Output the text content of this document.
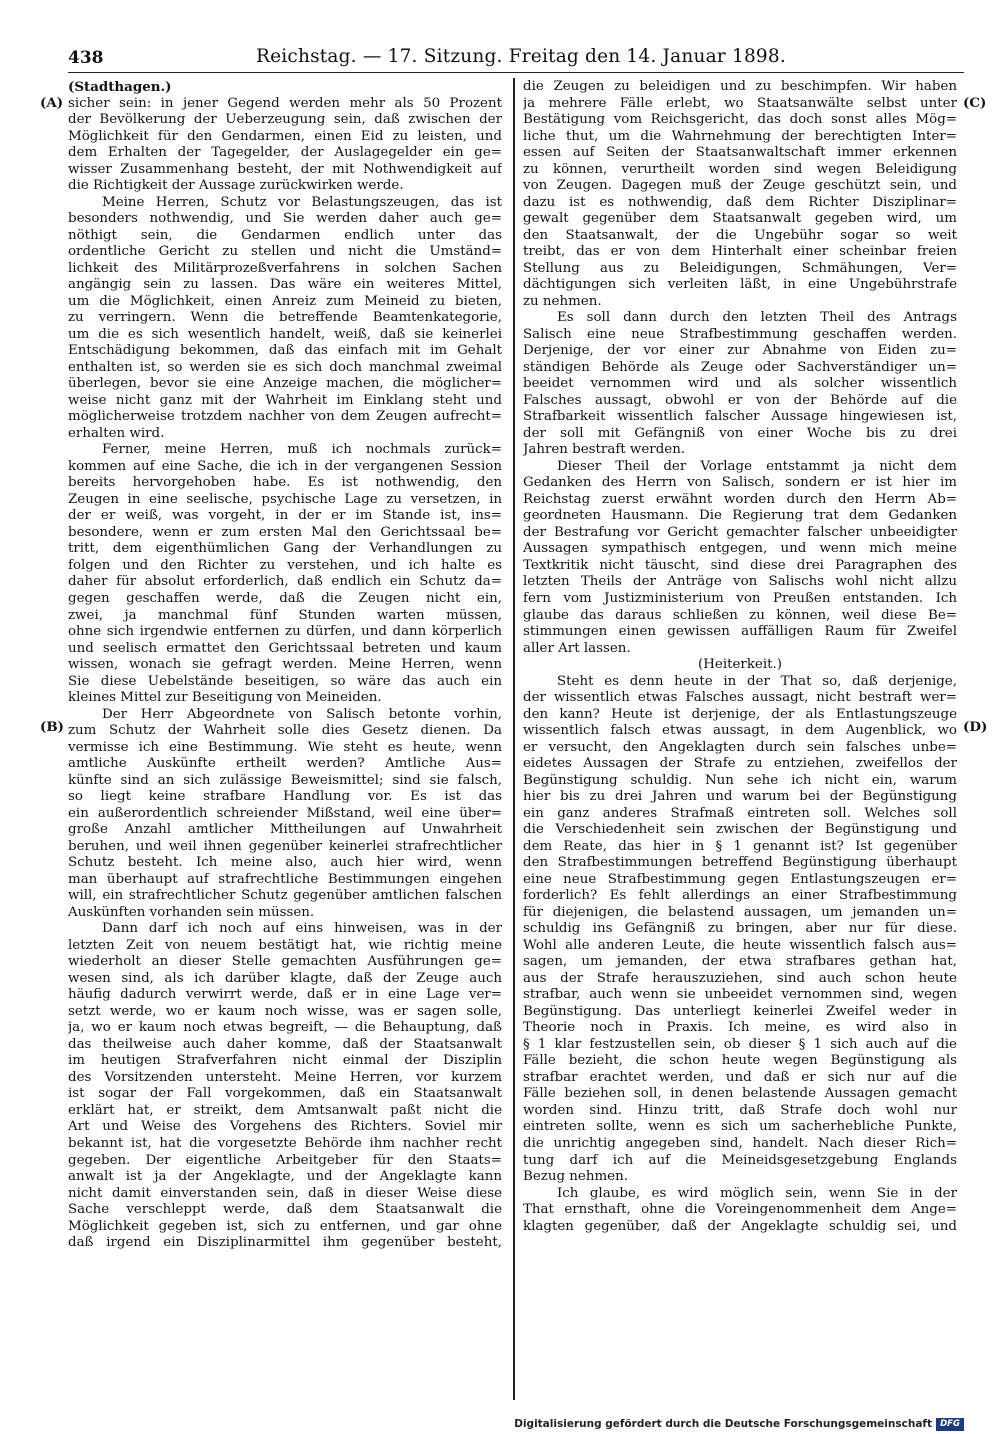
438	Reichstag. — 17. Sitzung. Freitag den 14. Januar 1898.
(A)
(B)
(C)
(D)
(Stadthagen.)
sicher sein: in jener Gegend werden mehr als 50 Prozent
der Bevölkerung der Ueberzeugung sein, daß zwischen der
Möglichkeit für den Gendarmen, einen Eid zu leisten, und
dem Erhalten der Tagegelder, der Auslagegelder ein ge=
wisser Zusammenhang besteht, der mit Nothwendigkeit auf
die Richtigkeit der Aussage zurückwirken werde.
Meine Herren, Schutz vor Belastungszeugen, das ist
besonders nothwendig, und Sie werden daher auch ge=
nöthigt sein, die Gendarmen endlich unter das
ordentliche Gericht zu stellen und nicht die Umständ=
lichkeit des Militärprozeßverfahrens in solchen Sachen
angängig sein zu lassen. Das wäre ein weiteres Mittel,
um die Möglichkeit, einen Anreiz zum Meineid zu bieten,
zu verringern. Wenn die betreffende Beamtenkategorie,
um die es sich wesentlich handelt, weiß, daß sie keinerlei
Entschädigung bekommen, daß das einfach mit im Gehalt
enthalten ist, so werden sie es sich doch manchmal zweimal
überlegen, bevor sie eine Anzeige machen, die möglicher=
weise nicht ganz mit der Wahrheit im Einklang steht und
möglicherweise trotzdem nachher von dem Zeugen aufrecht=
erhalten wird.
Ferner, meine Herren, muß ich nochmals zurück=
kommen auf eine Sache, die ich in der vergangenen Session
bereits hervorgehoben habe. Es ist nothwendig, den
Zeugen in eine seelische, psychische Lage zu versetzen, in
der er weiß, was vorgeht, in der er im Stande ist, ins=
besondere, wenn er zum ersten Mal den Gerichtssaal be=
tritt, dem eigenthümlichen Gang der Verhandlungen zu
folgen und den Richter zu verstehen, und ich halte es
daher für absolut erforderlich, daß endlich ein Schutz da=
gegen geschaffen werde, daß die Zeugen nicht ein,
zwei, ja manchmal fünf Stunden warten müssen,
ohne sich irgendwie entfernen zu dürfen, und dann körperlich
und seelisch ermattet den Gerichtssaal betreten und kaum
wissen, wonach sie gefragt werden. Meine Herren, wenn
Sie diese Uebelstände beseitigen, so wäre das auch ein
kleines Mittel zur Beseitigung von Meineiden.
Der Herr Abgeordnete von Salisch betonte vorhin,
zum Schutz der Wahrheit solle dies Gesetz dienen. Da
vermisse ich eine Bestimmung. Wie steht es heute, wenn
amtliche Auskünfte ertheilt werden? Amtliche Aus=
künfte sind an sich zulässige Beweismittel; sind sie falsch,
so liegt keine strafbare Handlung vor. Es ist das
ein außerordentlich schreiender Mißstand, weil eine über=
große Anzahl amtlicher Mittheilungen auf Unwahrheit
beruhen, und weil ihnen gegenüber keinerlei strafrechtlicher
Schutz besteht. Ich meine also, auch hier wird, wenn
man überhaupt auf strafrechtliche Bestimmungen eingehen
will, ein strafrechtlicher Schutz gegenüber amtlichen falschen
Auskünften vorhanden sein müssen.
Dann darf ich noch auf eins hinweisen, was in der
letzten Zeit von neuem bestätigt hat, wie richtig meine
wiederholt an dieser Stelle gemachten Ausführungen ge=
wesen sind, als ich darüber klagte, daß der Zeuge auch
häufig dadurch verwirrt werde, daß er in eine Lage ver=
setzt werde, wo er kaum noch wisse, was er sagen solle,
ja, wo er kaum noch etwas begreift, — die Behauptung, daß
das theilweise auch daher komme, daß der Staatsanwalt
im heutigen Strafverfahren nicht einmal der Disziplin
des Vorsitzenden untersteht. Meine Herren, vor kurzem
ist sogar der Fall vorgekommen, daß ein Staatsanwalt
erklärt hat, er streikt, dem Amtsanwalt paßt nicht die
Art und Weise des Vorgehens des Richters. Soviel mir
bekannt ist, hat die vorgesetzte Behörde ihm nachher recht
gegeben. Der eigentliche Arbeitgeber für den Staats=
anwalt ist ja der Angeklagte, und der Angeklagte kann
nicht damit einverstanden sein, daß in dieser Weise diese
Sache verschleppt werde, daß dem Staatsanwalt die
Möglichkeit gegeben ist, sich zu entfernen, und gar ohne
daß irgend ein Disziplinarmittel ihm gegenüber besteht,
die Zeugen zu beleidigen und zu beschimpfen. Wir haben
ja mehrere Fälle erlebt, wo Staatsanwälte selbst unter
Bestätigung vom Reichsgericht, das doch sonst alles Mög=
liche thut, um die Wahrnehmung der berechtigten Inter=
essen auf Seiten der Staatsanwaltschaft immer erkennen
zu können, verurtheilt worden sind wegen Beleidigung
von Zeugen. Dagegen muß der Zeuge geschützt sein, und
dazu ist es nothwendig, daß dem Richter Disziplinar=
gewalt gegenüber dem Staatsanwalt gegeben wird, um
den Staatsanwalt, der die Ungebühr sogar so weit
treibt, das er von dem Hinterhalt einer scheinbar freien
Stellung aus zu Beleidigungen, Schmähungen, Ver=
dächtigungen sich verleiten läßt, in eine Ungebührstrafe
zu nehmen.
Es soll dann durch den letzten Theil des Antrags
Salisch eine neue Strafbestimmung geschaffen werden.
Derjenige, der vor einer zur Abnahme von Eiden zu=
ständigen Behörde als Zeuge oder Sachverständiger un=
beeidet vernommen wird und als solcher wissentlich
Falsches aussagt, obwohl er von der Behörde auf die
Strafbarkeit wissentlich falscher Aussage hingewiesen ist,
der soll mit Gefängniß von einer Woche bis zu drei
Jahren bestraft werden.
Dieser Theil der Vorlage entstammt ja nicht dem
Gedanken des Herrn von Salisch, sondern er ist hier im
Reichstag zuerst erwähnt worden durch den Herrn Ab=
geordneten Hausmann. Die Regierung trat dem Gedanken
der Bestrafung vor Gericht gemachter falscher unbeeidigter
Aussagen sympathisch entgegen, und wenn mich meine
Textkritik nicht täuscht, sind diese drei Paragraphen des
letzten Theils der Anträge von Salischs wohl nicht allzu
fern vom Justizministerium von Preußen entstanden. Ich
glaube das daraus schließen zu können, weil diese Be=
stimmungen einen gewissen auffälligen Raum für Zweifel
aller Art lassen.
(Heiterkeit.)
Steht es denn heute in der That so, daß derjenige,
der wissentlich etwas Falsches aussagt, nicht bestraft wer=
den kann? Heute ist derjenige, der als Entlastungszeuge
wissentlich falsch etwas aussagt, in dem Augenblick, wo
er versucht, den Angeklagten durch sein falsches unbe=
eidetes Aussagen der Strafe zu entziehen, zweifellos der
Begünstigung schuldig. Nun sehe ich nicht ein, warum
hier bis zu drei Jahren und warum bei der Begünstigung
ein ganz anderes Strafmaß eintreten soll. Welches soll
die Verschiedenheit sein zwischen der Begünstigung und
dem Reate, das hier in § 1 genannt ist? Ist gegenüber
den Strafbestimmungen betreffend Begünstigung überhaupt
eine neue Strafbestimmung gegen Entlastungszeugen er=
forderlich? Es fehlt allerdings an einer Strafbestimmung
für diejenigen, die belastend aussagen, um jemanden un=
schuldig ins Gefängniß zu bringen, aber nur für diese.
Wohl alle anderen Leute, die heute wissentlich falsch aus=
sagen, um jemanden, der etwa strafbares gethan hat,
aus der Strafe herauszuziehen, sind auch schon heute
strafbar, auch wenn sie unbeeidet vernommen sind, wegen
Begünstigung. Das unterliegt keinerlei Zweifel weder in
Theorie noch in Praxis. Ich meine, es wird also in
§ 1 klar festzustellen sein, ob dieser § 1 sich auch auf die
Fälle bezieht, die schon heute wegen Begünstigung als
strafbar erachtet werden, und daß er sich nur auf die
Fälle beziehen soll, in denen belastende Aussagen gemacht
worden sind. Hinzu tritt, daß Strafe doch wohl nur
eintreten sollte, wenn es sich um sacherhebliche Punkte,
die unrichtig angegeben sind, handelt. Nach dieser Rich=
tung darf ich auf die Meineidsgesetzgebung Englands
Bezug nehmen.
Ich glaube, es wird möglich sein, wenn Sie in der
That ernsthaft, ohne die Voreingenommenheit dem Ange=
klagten gegenüber, daß der Angeklagte schuldig sei, und
Digitalisierung gefördert durch die Deutsche Forschungsgemeinschaft DFG
